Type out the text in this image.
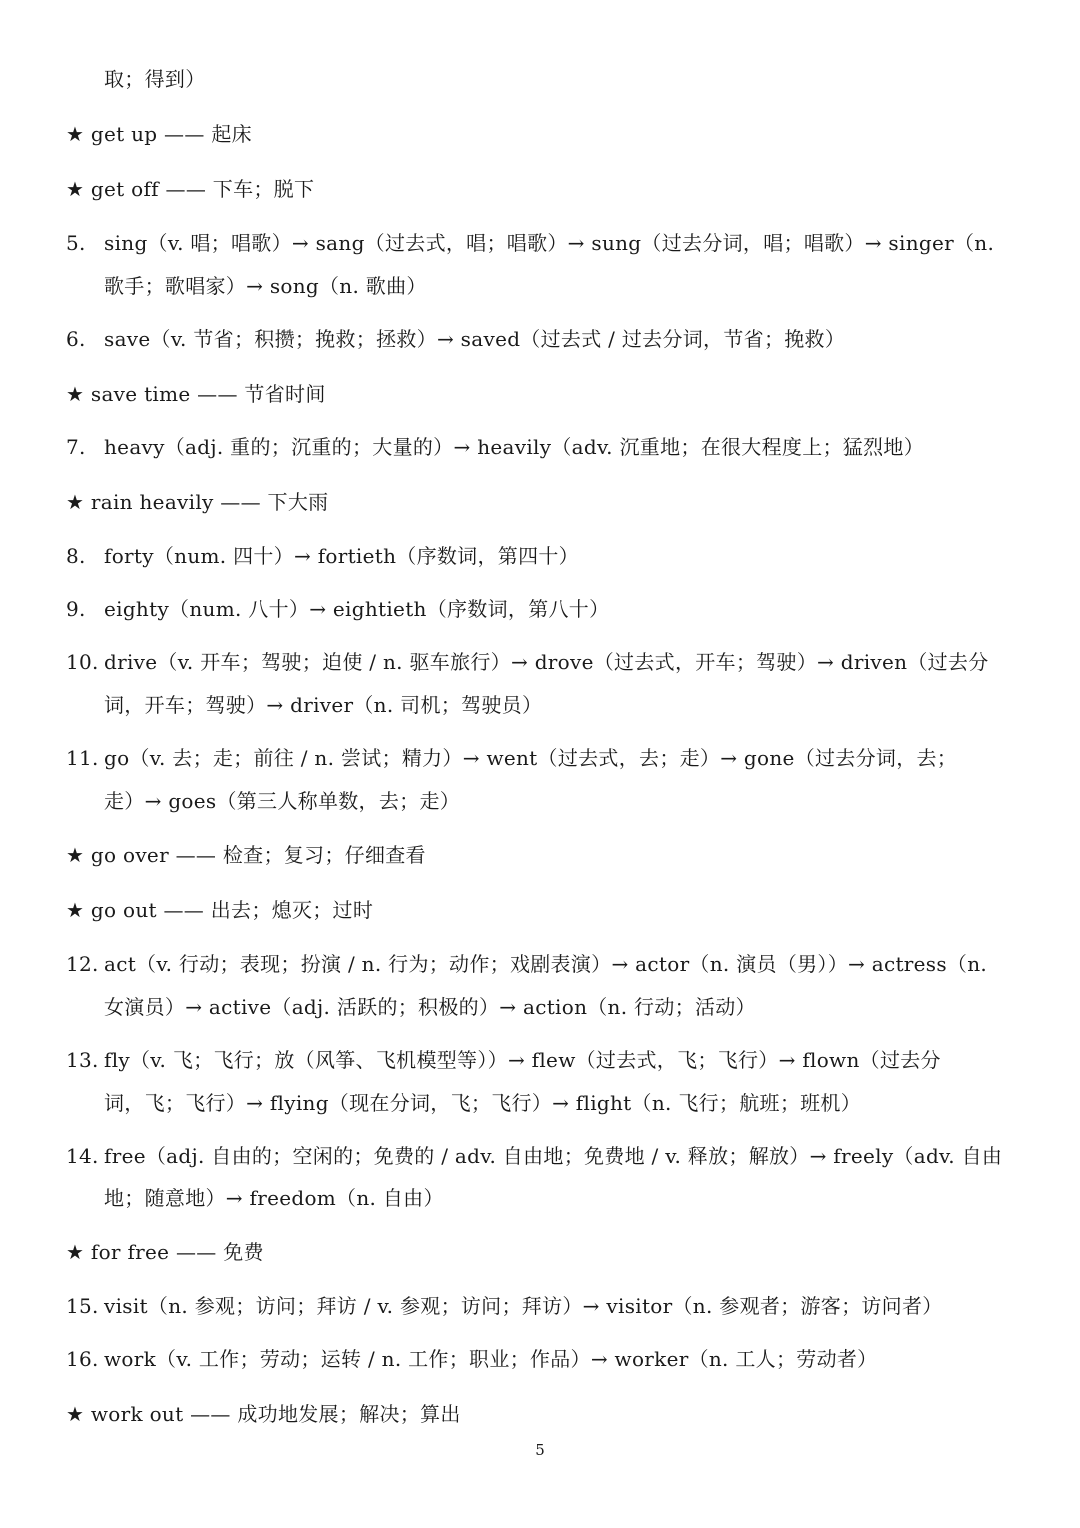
取；得到）
★ get up —— 起床
★ get off —— 下车；脱下
5. sing（v. 唱；唱歌）→ sang（过去式，唱；唱歌）→ sung（过去分词，唱；唱歌）→ singer（n.
歌手；歌唱家）→ song（n. 歌曲）
6. save（v. 节省；积攒；挽救；拯救）→ saved（过去式 / 过去分词，节省；挽救）
★ save time —— 节省时间
7. heavy（adj. 重的；沉重的；大量的）→ heavily（adv. 沉重地；在很大程度上；猛烈地）
★ rain heavily —— 下大雨
8. forty（num. 四十）→ fortieth（序数词，第四十）
9. eighty（num. 八十）→ eightieth（序数词，第八十）
10. drive（v. 开车；驾驶；迫使 / n. 驱车旅行）→ drove（过去式，开车；驾驶）→ driven（过去分
词，开车；驾驶）→ driver（n. 司机；驾驶员）
11. go（v. 去；走；前往 / n. 尝试；精力）→ went（过去式，去；走）→ gone（过去分词，去；
走）→ goes（第三人称单数，去；走）
★ go over —— 检查；复习；仔细查看
★ go out —— 出去；熄灭；过时
12. act（v. 行动；表现；扮演 / n. 行为；动作；戏剧表演）→ actor（n. 演员（男））→ actress（n.
女演员）→ active（adj. 活跃的；积极的）→ action（n. 行动；活动）
13. fly（v. 飞；飞行；放（风筝、飞机模型等））→ flew（过去式，飞；飞行）→ flown（过去分
词，飞；飞行）→ flying（现在分词，飞；飞行）→ flight（n. 飞行；航班；班机）
14. free（adj. 自由的；空闲的；免费的 / adv. 自由地；免费地 / v. 释放；解放）→ freely（adv. 自由
地；随意地）→ freedom（n. 自由）
★ for free —— 免费
15. visit（n. 参观；访问；拜访 / v. 参观；访问；拜访）→ visitor（n. 参观者；游客；访问者）
16. work（v. 工作；劳动；运转 / n. 工作；职业；作品）→ worker（n. 工人；劳动者）
★ work out —— 成功地发展；解决；算出
5
